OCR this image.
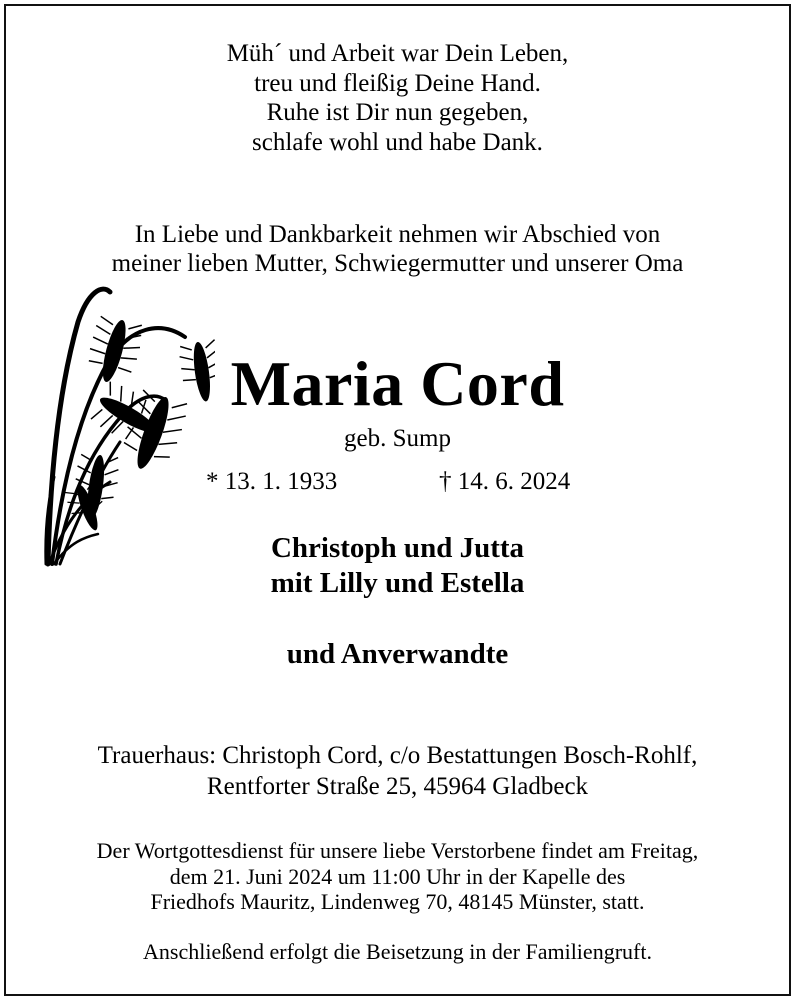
Müh´ und Arbeit war Dein Leben,
treu und fleißig Deine Hand.
Ruhe ist Dir nun gegeben,
schlafe wohl und habe Dank.
In Liebe und Dankbarkeit nehmen wir Abschied von
meiner lieben Mutter, Schwiegermutter und unserer Oma
Maria Cord
geb. Sump
* 13. 1. 1933	† 14. 6. 2024
Christoph und Jutta
mit Lilly und Estella
und Anverwandte
Trauerhaus: Christoph Cord, c/o Bestattungen Bosch-Rohlf,
Rentforter Straße 25, 45964 Gladbeck
Der Wortgottesdienst für unsere liebe Verstorbene findet am Freitag,
dem 21. Juni 2024 um 11:00 Uhr in der Kapelle des
Friedhofs Mauritz, Lindenweg 70, 48145 Münster, statt.
Anschließend erfolgt die Beisetzung in der Familiengruft.
